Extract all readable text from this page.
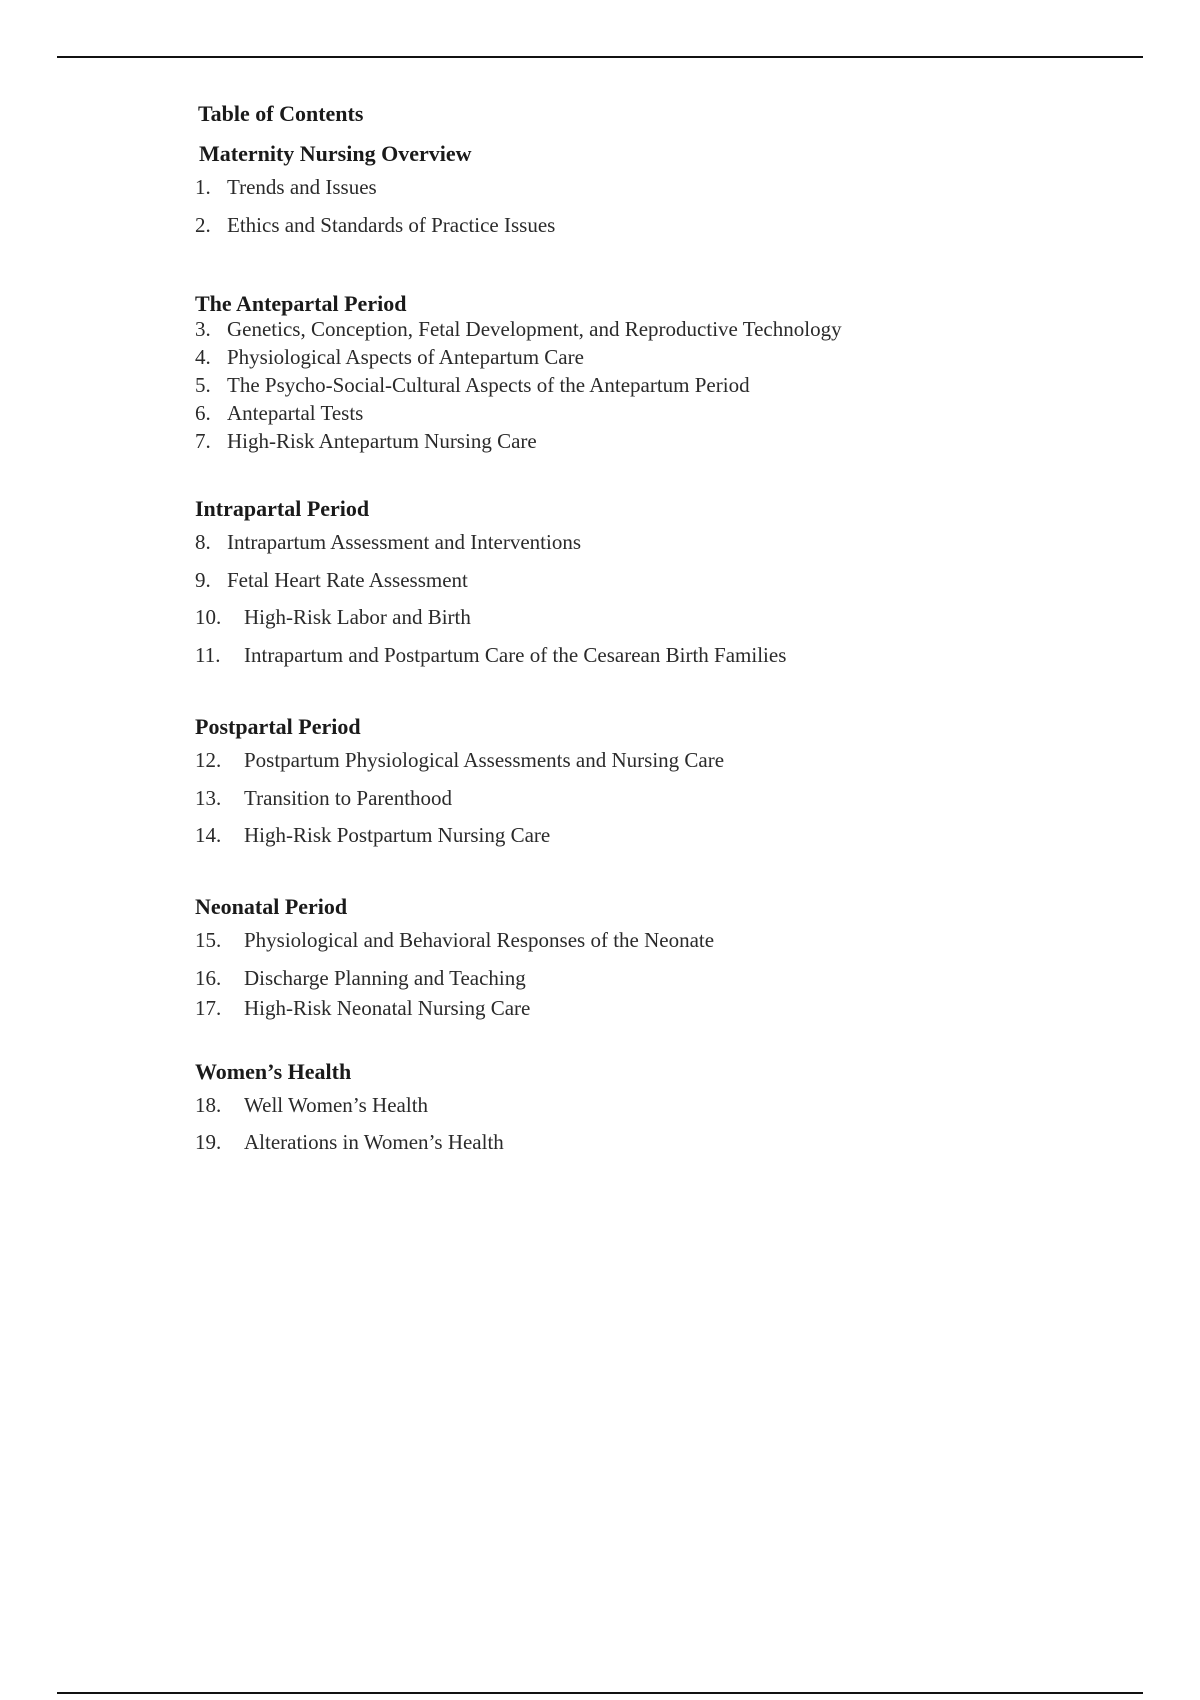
Table of Contents
Maternity Nursing Overview
1. Trends and Issues
2. Ethics and Standards of Practice Issues
The Antepartal Period
3. Genetics, Conception, Fetal Development, and Reproductive Technology
4. Physiological Aspects of Antepartum Care
5. The Psycho-Social-Cultural Aspects of the Antepartum Period
6. Antepartal Tests
7. High-Risk Antepartum Nursing Care
Intrapartal Period
8. Intrapartum Assessment and Interventions
9. Fetal Heart Rate Assessment
10. High-Risk Labor and Birth
11. Intrapartum and Postpartum Care of the Cesarean Birth Families
Postpartal Period
12. Postpartum Physiological Assessments and Nursing Care
13. Transition to Parenthood
14. High-Risk Postpartum Nursing Care
Neonatal Period
15. Physiological and Behavioral Responses of the Neonate
16. Discharge Planning and Teaching
17. High-Risk Neonatal Nursing Care
Women’s Health
18. Well Women’s Health
19. Alterations in Women’s Health
